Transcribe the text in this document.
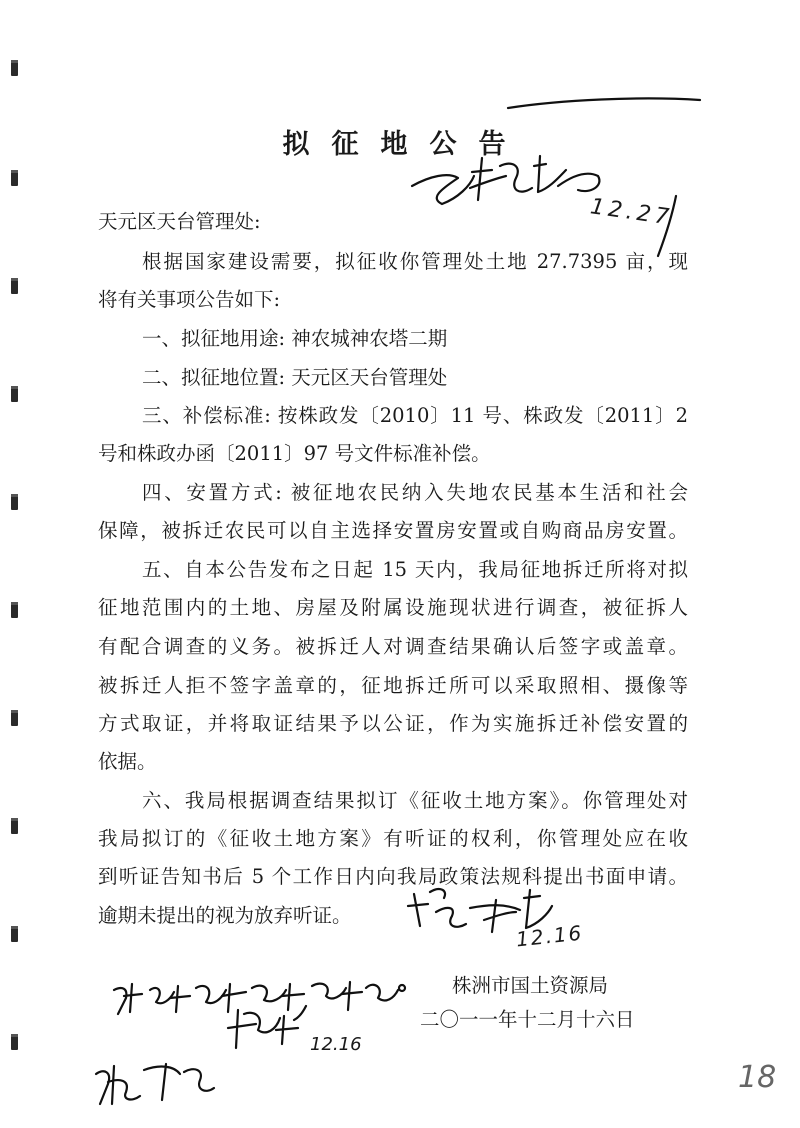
拟征地公告
天元区天台管理处:
根据国家建设需要，拟征收你管理处土地 27.7395 亩，现
将有关事项公告如下:
一、拟征地用途: 神农城神农塔二期
二、拟征地位置: 天元区天台管理处
三、补偿标准: 按株政发〔2010〕11 号、株政发〔2011〕2
号和株政办函〔2011〕97 号文件标准补偿。
四、安置方式: 被征地农民纳入失地农民基本生活和社会
保障，被拆迁农民可以自主选择安置房安置或自购商品房安置。
五、自本公告发布之日起 15 天内，我局征地拆迁所将对拟
征地范围内的土地、房屋及附属设施现状进行调查，被征拆人
有配合调查的义务。被拆迁人对调查结果确认后签字或盖章。
被拆迁人拒不签字盖章的，征地拆迁所可以采取照相、摄像等
方式取证，并将取证结果予以公证，作为实施拆迁补偿安置的
依据。
六、我局根据调查结果拟订《征收土地方案》。你管理处对
我局拟订的《征收土地方案》有听证的权利，你管理处应在收
到听证告知书后 5 个工作日内向我局政策法规科提出书面申请。
逾期未提出的视为放弃听证。
株洲市国土资源局
二〇一一年十二月十六日
12.27
12.16
12.16
18
